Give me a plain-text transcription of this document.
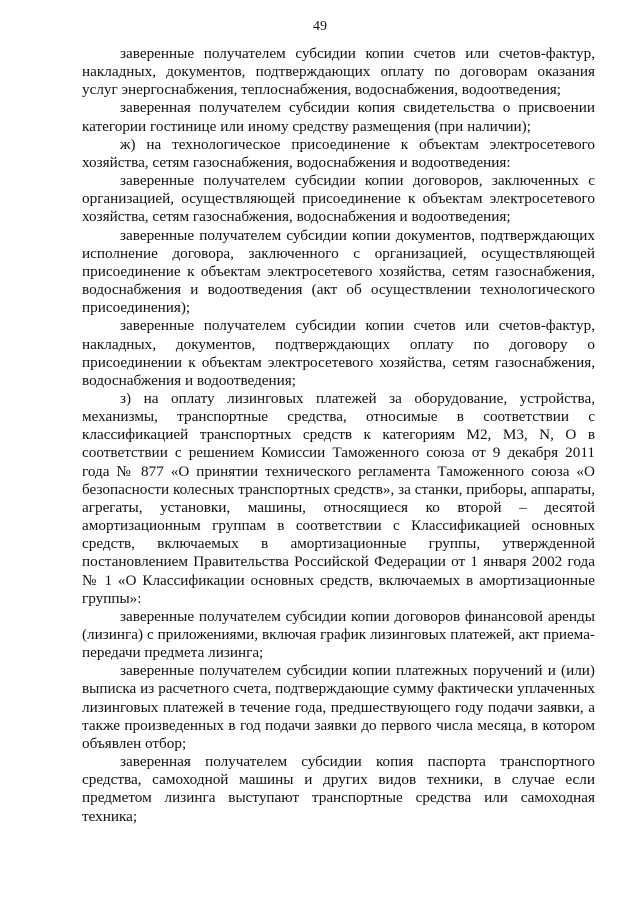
49

заверенные получателем субсидии копии счетов или счетов-фактур, накладных, документов, подтверждающих оплату по договорам оказания услуг энергоснабжения, теплоснабжения, водоснабжения, водоотведения;

заверенная получателем субсидии копия свидетельства о присвоении категории гостинице или иному средству размещения (при наличии);

ж) на технологическое присоединение к объектам электросетевого хозяйства, сетям газоснабжения, водоснабжения и водоотведения:

заверенные получателем субсидии копии договоров, заключенных с организацией, осуществляющей присоединение к объектам электросетевого хозяйства, сетям газоснабжения, водоснабжения и водоотведения;

заверенные получателем субсидии копии документов, подтверждающих исполнение договора, заключенного с организацией, осуществляющей присоединение к объектам электросетевого хозяйства, сетям газоснабжения, водоснабжения и водоотведения (акт об осуществлении технологического присоединения);

заверенные получателем субсидии копии счетов или счетов-фактур, накладных, документов, подтверждающих оплату по договору о присоединении к объектам электросетевого хозяйства, сетям газоснабжения, водоснабжения и водоотведения;

з) на оплату лизинговых платежей за оборудование, устройства, механизмы, транспортные средства, относимые в соответствии с классификацией транспортных средств к категориям М2, М3, N, О в соответствии с решением Комиссии Таможенного союза от 9 декабря 2011 года № 877 «О принятии технического регламента Таможенного союза «О безопасности колесных транспортных средств», за станки, приборы, аппараты, агрегаты, установки, машины, относящиеся ко второй – десятой амортизационным группам в соответствии с Классификацией основных средств, включаемых в амортизационные группы, утвержденной постановлением Правительства Российской Федерации от 1 января 2002 года № 1 «О Классификации основных средств, включаемых в амортизационные группы»:

заверенные получателем субсидии копии договоров финансовой аренды (лизинга) с приложениями, включая график лизинговых платежей, акт приема-передачи предмета лизинга;

заверенные получателем субсидии копии платежных поручений и (или) выписка из расчетного счета, подтверждающие сумму фактически уплаченных лизинговых платежей в течение года, предшествующего году подачи заявки, а также произведенных в год подачи заявки до первого числа месяца, в котором объявлен отбор;

заверенная получателем субсидии копия паспорта транспортного средства, самоходной машины и других видов техники, в случае если предметом лизинга выступают транспортные средства или самоходная техника;
